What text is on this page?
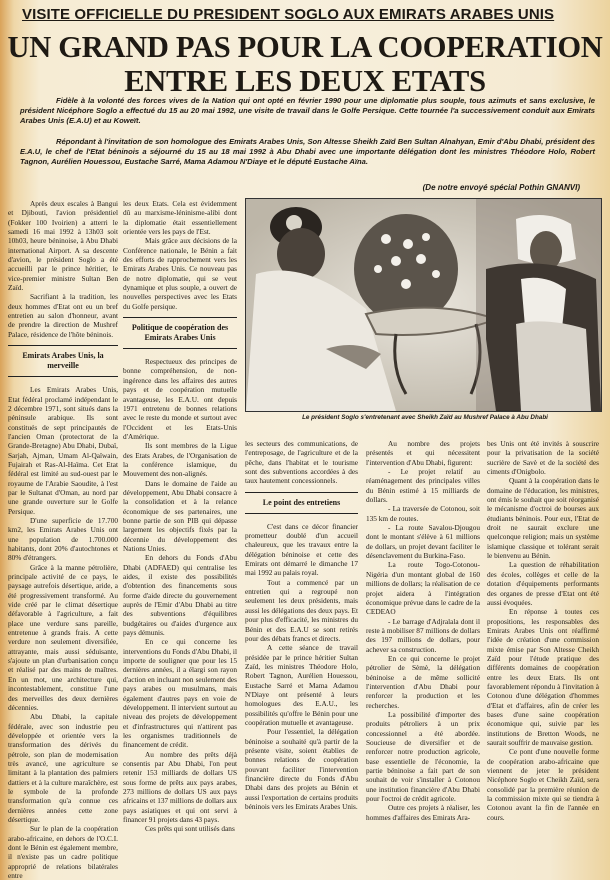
VISITE OFFICIELLE DU PRESIDENT SOGLO AUX EMIRATS ARABES UNIS
UN GRAND PAS POUR LA COOPERATION
ENTRE LES DEUX ETATS

Fidèle à la volonté des forces vives de la Nation qui ont opté en février 1990 pour une diplomatie plus souple, tous azimuts et sans exclusive, le président Nicéphore Soglo a effectué du 15 au 20 mai 1992, une visite de travail dans le Golfe Persique. Cette tournée l'a successivement conduit aux Emirats Arabes Unis (E.A.U) et au Koweït.

Répondant à l'invitation de son homologue des Emirats Arabes Unis, Son Altesse Sheikh Zaïd Ben Sultan Alnahyan, Emir d'Abu Dhabi, président des E.A.U, le chef de l'Etat béninois a séjourné du 15 au 18 mai 1992 à Abu Dhabi avec une importante délégation dont les ministres Théodore Holo, Robert Tagnon, Aurélien Houessou, Eustache Sarré, Mama Adamou N'Diaye et le député Eustache Aïna.

(De notre envoyé spécial Pothin GNANVI)

Après deux escales à Bangui et Djibouti, l'avion présidentiel (Fokker 100 Ivoirien) a atterri le samedi 16 mai 1992 à 13h03 soit 10h03, heure béninoise, à Abu Dhabi international Airport. A sa descente d'avion, le président Soglo a été accueilli par le prince héritier, le vice-premier ministre Sultan Ben Zaïd.

Sacrifiant à la tradition, les deux hommes d'Etat ont eu un bref entretien au salon d'honneur, avant de prendre la direction de Mushref Palace, résidence de l'hôte béninois.

Emirats Arabes Unis, la merveille

Les Emirats Arabes Unis, Etat fédéral proclamé indépendant le 2 décembre 1971, sont situés dans la péninsule arabique. Ils sont constitués de sept principautés de l'ancien Oman (protectorat de la Grande-Bretagne) Abu Dhabi, Dubaï, Sarjah, Ajman, Umam Al-Qaïwain, Fujairah et Ras-Al-Haïma. Cet Etat fédéral est limité au sud-ouest par le royaume de l'Arabie Saoudite, à l'est par le Sultanat d'Oman, au nord par une grande ouverture sur le Golfe Persique.

D'une superficie de 17.700 km2, les Emirats Arabes Unis ont une population de 1.700.000 habitants, dont 20% d'autochtones et 80% d'étrangers.

Grâce à la manne pétrolière, principale activité de ce pays, le paysage autrefois désertique, aride, a été progressivement transformé. Au vide créé par le climat désertique défavorable à l'agriculture, a fait place une verdure sans pareille, entretenue à grands frais. A cette verdure non seulement diversifiée, attrayante, mais aussi séduisante, s'ajoute un plan d'urbanisation conçu et réalisé par des mains de maîtres. En un mot, une architecture qui, incontestablement, constitue l'une des merveilles des deux dernières décennies.

Abu Dhabi, la capitale fédérale, avec son industrie peu développée et orientée vers la transformation des dérivés du pétrole, son plan de modernisation très avancé, une agriculture se limitant à la plantation des palmiers dattiers et à la culture maraîchère, est le symbole de la profonde transformation qu'a connue ces dernières années cette zone désertique.

Sur le plan de la coopération arabo-africaine, en dehors de l'O.C.I. dont le Bénin est également membre, il n'existe pas un cadre politique approprié de relations bilatérales entre

les deux Etats. Cela est évidemment dû au marxisme-léninisme-alibi dont la diplomatie était essentiellement orientée vers les pays de l'Est.

Mais grâce aux décisions de la Conférence nationale, le Bénin a fait des efforts de rapprochement vers les Emirats Arabes Unis. Ce nouveau pas de notre diplomatie, qui se veut dynamique et plus souple, a ouvert de nouvelles perspectives avec les Etats du Golfe persique.

Politique de coopération des Emirats Arabes Unis

Respectueux des principes de bonne compréhension, de non-ingérence dans les affaires des autres pays et de coopération mutuelle avantageuse, les E.A.U. ont depuis 1971 entretenu de bonnes relations avec le reste du monde et surtout avec l'Occident et les Etats-Unis d'Amérique.

Ils sont membres de la Ligue des Etats Arabes, de l'Organisation de la conférence islamique, du Mouvement des non-alignés.

Dans le domaine de l'aide au développement, Abu Dhabi consacre à la consolidation et à la relance économique de ses partenaires, une bonne partie de son PIB qui dépasse largement les objectifs fixés par la décennie du développement des Nations Unies.

En dehors du Fonds d'Abu Dhabi (ADFAED) qui centralise les aides, il existe des possibilités d'obtention des financements sous forme d'aide directe du gouvernement auprès de l'Emir d'Abu Dhabi au titre des subventions d'équilibres budgétaires ou d'aides d'urgence aux pays démunis.

En ce qui concerne les interventions du Fonds d'Abu Dhabi, il importe de souligner que pour les 15 dernières années, il a élargi son rayon d'action en incluant non seulement des pays arabes ou musulmans, mais également d'autres pays en voie de développement. Il intervient surtout au niveau des projets de développement et d'infrastructures qui n'attirent pas les organismes traditionnels de financement de crédit.

Au nombre des prêts déjà consentis par Abu Dhabi, l'on peut retenir 153 milliards de dollars US sous forme de prêts aux pays arabes, 273 millions de dollars US aux pays africains et 137 millions de dollars aux pays asiatiques et qui ont servi à financer 91 projets dans 43 pays.

Ces prêts qui sont utilisés dans

Le président Soglo s'entretenant avec Sheikh Zaïd au Mushref Palace à Abu Dhabi

les secteurs des communications, de l'entreposage, de l'agriculture et de la pêche, dans l'habitat et le tourisme sont des subventions accordées à des taux hautement concessionnels.

Le point des entretiens

C'est dans ce décor financier prometteur doublé d'un accueil chaleureux, que les travaux entre la délégation béninoise et cette des Emirats ont démarré le dimanche 17 mai 1992 au palais royal.

Tout a commencé par un entretien qui a regroupé non seulement les deux présidents, mais aussi les délégations des deux pays. Et pour plus d'efficacité, les ministres du Bénin et des E.A.U se sont retirés pour des débats francs et directs.

A cette séance de travail présidée par le prince héritier Sultan Zaïd, les ministres Théodore Holo, Robert Tagnon, Aurélien Houessou, Eustache Sarré et Mama Adamou N'Diaye ont présenté à leurs homologues des E.A.U., les possibilités qu'offre le Bénin pour une coopération mutuelle et avantageuse.

Pour l'essentiel, la délégation béninoise a souhaité qu'à partir de la présente visite, soient établies de bonnes relations de coopération pouvant faciliter l'intervention financière directe du Fonds d'Abu Dhabi dans des projets au Bénin et aussi l'exportation de certains produits béninois vers les Emirats Arabes Unis.

Au nombre des projets présentés et qui nécessitent l'intervention d'Abu Dhabi, figurent:

- Le projet relatif au réaménagement des principales villes du Bénin estimé à 15 milliards de dollars.

- La traversée de Cotonou, soit 135 km de routes.

- La route Savalou-Djougou dont le montant s'élève à 61 millions de dollars, un projet devant faciliter le désenclavement du Burkina-Faso.

La route Togo-Cotonou-Nigéria d'un montant global de 160 millions de dollars; la réalisation de ce projet aidera à l'intégration économique prévue dans le cadre de la CEDEAO

- Le barrage d'Adjralala dont il reste à mobiliser 87 millions de dollars des 197 millions de dollars, pour achever sa construction.

En ce qui concerne le projet pétrolier de Sèmè, la délégation béninoise a de même sollicité l'intervention d'Abu Dhabi pour renforcer la production et les recherches.

La possibilité d'importer des produits pétroliers à un prix concessionnel a été abordée. Soucieuse de diversifier et de renforcer notre production agricole, base essentielle de l'économie, la partie béninoise a fait part de son souhait de voir s'installer à Cotonou une institution financière d'Abu Dhabi pour l'octroi de crédit agricole.

Outre ces projets à réaliser, les hommes d'affaires des Emirats Ara-

bes Unis ont été invités à souscrire pour la privatisation de la société sucrière de Savè et de la société des ciments d'Onigbolo.

Quant à la coopération dans le domaine de l'éducation, les ministres, ont émis le souhait que soit réorganisé le mécanisme d'octroi de bourses aux étudiants béninois. Pour eux, l'Etat de droit ne saurait exclure une quelconque religion; mais un système islamique classique et tolérant serait le bienvenu au Bénin.

La question de réhabilitation des écoles, collèges et celle de la dotation d'équipements performants des organes de presse d'Etat ont été aussi évoquées.

En réponse à toutes ces propositions, les responsables des Emirats Arabes Unis ont réaffirmé l'idée de création d'une commission mixte émise par Son Altesse Cheikh Zaïd pour l'étude pratique des différents domaines de coopération entre les deux Etats. Ils ont favorablement répondu à l'invitation à Cotonou d'une délégation d'hommes d'Etat et d'affaires, afin de créer les bases d'une saine coopération économique qui, suivie par les institutions de Bretton Woods, ne saurait souffrir de mauvaise gestion.

Ce pont d'une nouvelle forme de coopération arabo-africaine que viennent de jeter le président Nicéphore Soglo et Cheikh Zaïd, sera consolidé par la première réunion de la commission mixte qui se tiendra à Cotonou avant la fin de l'année en cours.
